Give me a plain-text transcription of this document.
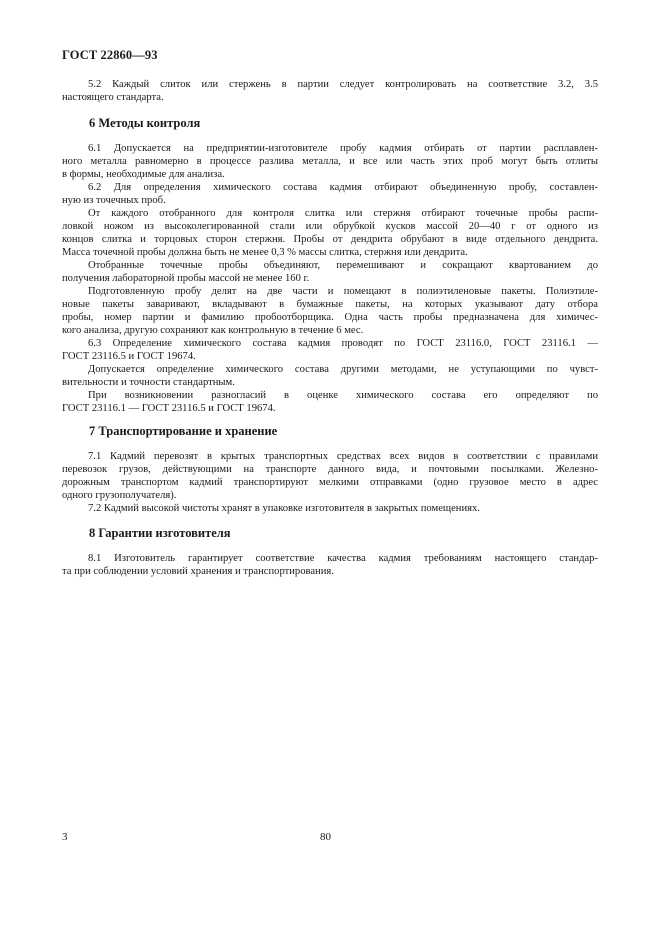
ГОСТ 22860—93
5.2 Каждый слиток или стержень в партии следует контролировать на соответствие 3.2, 3.5
настоящего стандарта.
6 Методы контроля
6.1 Допускается на предприятии-изготовителе пробу кадмия отбирать от партии расплавлен-
ного металла равномерно в процессе разлива металла, и все или часть этих проб могут быть отлиты
в формы, необходимые для анализа.
6.2 Для определения химического состава кадмия отбирают объединенную пробу, составлен-
ную из точечных проб.
От каждого отобранного для контроля слитка или стержня отбирают точечные пробы распи-
ловкой ножом из высоколегированной стали или обрубкой кусков массой 20—40 г от одного из
концов слитка и торцовых сторон стержня. Пробы от дендрита обрубают в виде отдельного дендрита.
Масса точечной пробы должна быть не менее 0,3 % массы слитка, стержня или дендрита.
Отобранные точечные пробы объединяют, перемешивают и сокращают квартованием до
получения лабораторной пробы массой не менее 160 г.
Подготовленную пробу делят на две части и помещают в полиэтиленовые пакеты. Полиэтиле-
новые пакеты заваривают, вкладывают в бумажные пакеты, на которых указывают дату отбора
пробы, номер партии и фамилию пробоотборщика. Одна часть пробы предназначена для химичес-
кого анализа, другую сохраняют как контрольную в течение 6 мес.
6.3 Определение химического состава кадмия проводят по ГОСТ 23116.0, ГОСТ 23116.1 —
ГОСТ 23116.5 и ГОСТ 19674.
Допускается определение химического состава другими методами, не уступающими по чувст-
вительности и точности стандартным.
При возникновении разногласий в оценке химического состава его определяют по
ГОСТ 23116.1 — ГОСТ 23116.5 и ГОСТ 19674.
7 Транспортирование и хранение
7.1 Кадмий перевозят в крытых транспортных средствах всех видов в соответствии с правилами
перевозок грузов, действующими на транспорте данного вида, и почтовыми посылками. Железно-
дорожным транспортом кадмий транспортируют мелкими отправками (одно грузовое место в адрес
одного грузополучателя).
7.2 Кадмий высокой чистоты хранят в упаковке изготовителя в закрытых помещениях.
8 Гарантии изготовителя
8.1 Изготовитель гарантирует соответствие качества кадмия требованиям настоящего стандар-
та при соблюдении условий хранения и транспортирования.
3	80
